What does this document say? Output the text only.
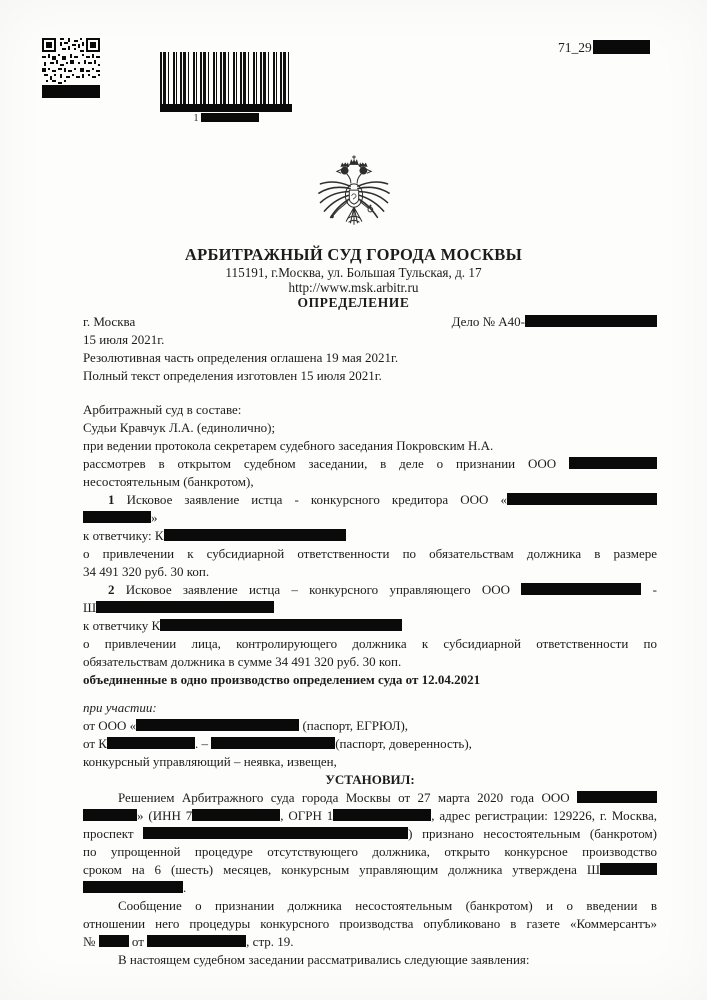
1
71_29
АРБИТРАЖНЫЙ СУД ГОРОДА МОСКВЫ
115191, г.Москва, ул. Большая Тульская, д. 17
http://www.msk.arbitr.ru
ОПРЕДЕЛЕНИЕ
г. Москва	Дело № А40-
15 июля 2021г.
Резолютивная часть определения оглашена 19 мая 2021г.
Полный текст определения изготовлен 15 июля 2021г.
Арбитражный суд в составе:
Судьи Кравчук Л.А. (единолично);
при ведении протокола секретарем судебного заседания Покровским Н.А.
рассмотрев в открытом судебном заседании, в деле о признании ООО
несостоятельным (банкротом),
1 Исковое заявление истца - конкурсного кредитора ООО «
»
к ответчику: К
о привлечении к субсидиарной ответственности по обязательствам должника в размере
34 491 320 руб. 30 коп.
2 Исковое заявление истца – конкурсного управляющего ООО	-
Ш
к ответчику К
о привлечении лица, контролирующего должника к субсидиарной ответственности по
обязательствам должника в сумме 34 491 320 руб. 30 коп.
объединенные в одно производство определением суда от 12.04.2021
при участии:
от ООО «	(паспорт, ЕГРЮЛ),
от К	. –	(паспорт, доверенность),
конкурсный управляющий – неявка, извещен,
УСТАНОВИЛ:
Решением Арбитражного суда города Москвы от 27 марта 2020 года ООО
» (ИНН 7	, ОГРН 1	, адрес регистрации: 129226, г. Москва,
проспект	) признано несостоятельным (банкротом)
по упрощенной процедуре отсутствующего должника, открыто конкурсное производство
сроком на 6 (шесть) месяцев, конкурсным управляющим должника утверждена Ш
.
Сообщение о признании должника несостоятельным (банкротом) и о введении в
отношении него процедуры конкурсного производства опубликовано в газете «Коммерсантъ»
№  от	, стр. 19.
В настоящем судебном заседании рассматривались следующие заявления:
